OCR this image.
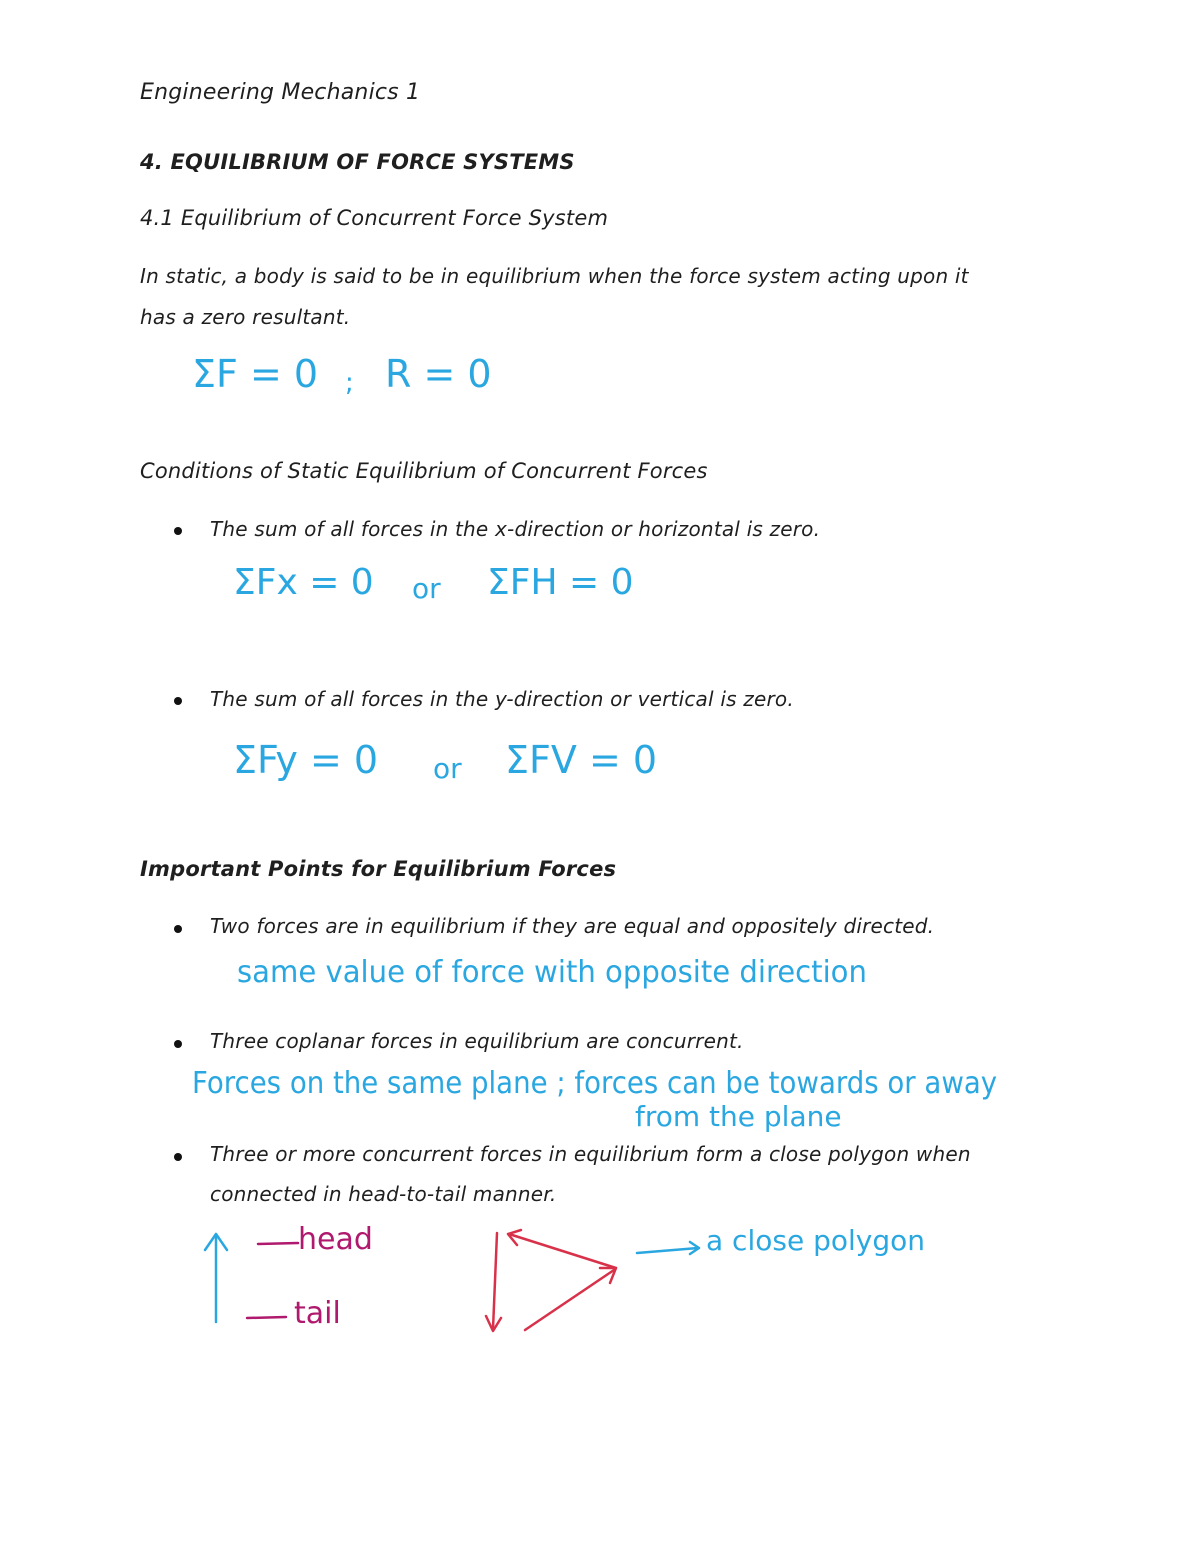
Engineering Mechanics 1
4. EQUILIBRIUM OF FORCE SYSTEMS
4.1 Equilibrium of Concurrent Force System
In static, a body is said to be in equilibrium when the force system acting upon it
has a zero resultant.
ΣF = 0 ; R = 0
Conditions of Static Equilibrium of Concurrent Forces
The sum of all forces in the x-direction or horizontal is zero.
ΣFx = 0 or ΣFH = 0
The sum of all forces in the y-direction or vertical is zero.
ΣFy = 0 or ΣFV = 0
Important Points for Equilibrium Forces
Two forces are in equilibrium if they are equal and oppositely directed.
same value of force with opposite direction
Three coplanar forces in equilibrium are concurrent.
Forces on the same plane ; forces can be towards or away
from the plane
Three or more concurrent forces in equilibrium form a close polygon when
connected in head-to-tail manner.
head
tail
a close polygon
